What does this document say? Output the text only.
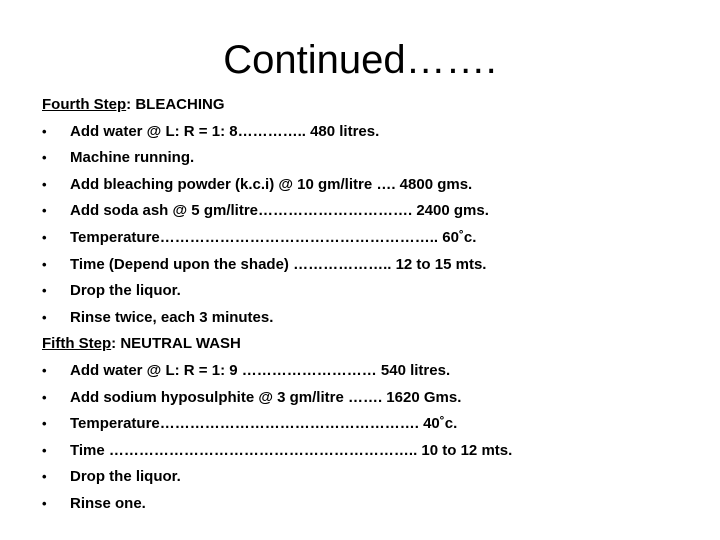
Continued…….
Fourth Step: BLEACHING
•	Add water @ L: R = 1: 8………….. 480 litres.
•	Machine running.
•	Add bleaching powder (k.c.i) @ 10 gm/litre …. 4800 gms.
•	Add soda ash @ 5 gm/litre…………………………. 2400 gms.
•	Temperature……………………………………………….. 60˚c.
•	Time (Depend upon the shade) ……………….. 12 to 15 mts.
•	Drop the liquor.
•	Rinse twice, each 3 minutes.
Fifth Step: NEUTRAL WASH
•	Add water @ L: R = 1: 9 ……………………… 540 litres.
•	Add sodium hyposulphite @ 3 gm/litre ……. 1620 Gms.
•	Temperature……………………………………………. 40˚c.
•	Time …………………………………………………….. 10 to 12 mts.
•	Drop the liquor.
•	Rinse one.
